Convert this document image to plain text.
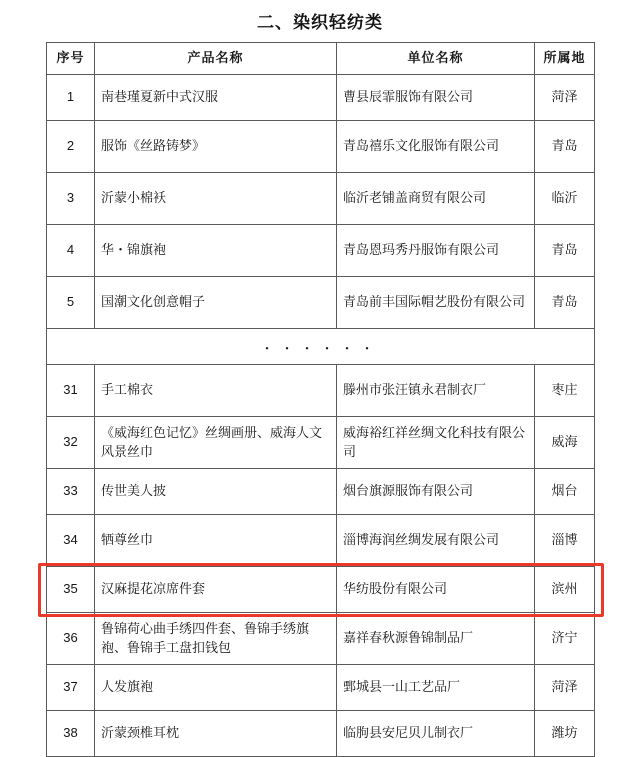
二、染织轻纺类
序号	产品名称	单位名称	所属地
1	南巷瑾夏新中式汉服	曹县辰霏服饰有限公司	菏泽
2	服饰《丝路铸梦》	青岛禧乐文化服饰有限公司	青岛
3	沂蒙小棉袄	临沂老铺盖商贸有限公司	临沂
4	华・锦旗袍	青岛恩玛秀丹服饰有限公司	青岛
5	国潮文化创意帽子	青岛前丰国际帽艺股份有限公司	青岛
・・・・・・			
31	手工棉衣	滕州市张汪镇永君制衣厂	枣庄
32	《威海红色记忆》丝绸画册、威海人文风景丝巾	威海裕红祥丝绸文化科技有限公司	威海
33	传世美人披	烟台旗源服饰有限公司	烟台
34	牺尊丝巾	淄博海润丝绸发展有限公司	淄博
35	汉麻提花凉席件套	华纺股份有限公司	滨州
36	鲁锦荷心曲手绣四件套、鲁锦手绣旗袍、鲁锦手工盘扣钱包	嘉祥春秋源鲁锦制品厂	济宁
37	人发旗袍	鄄城县一山工艺品厂	菏泽
38	沂蒙颈椎耳枕	临朐县安尼贝儿制衣厂	潍坊
